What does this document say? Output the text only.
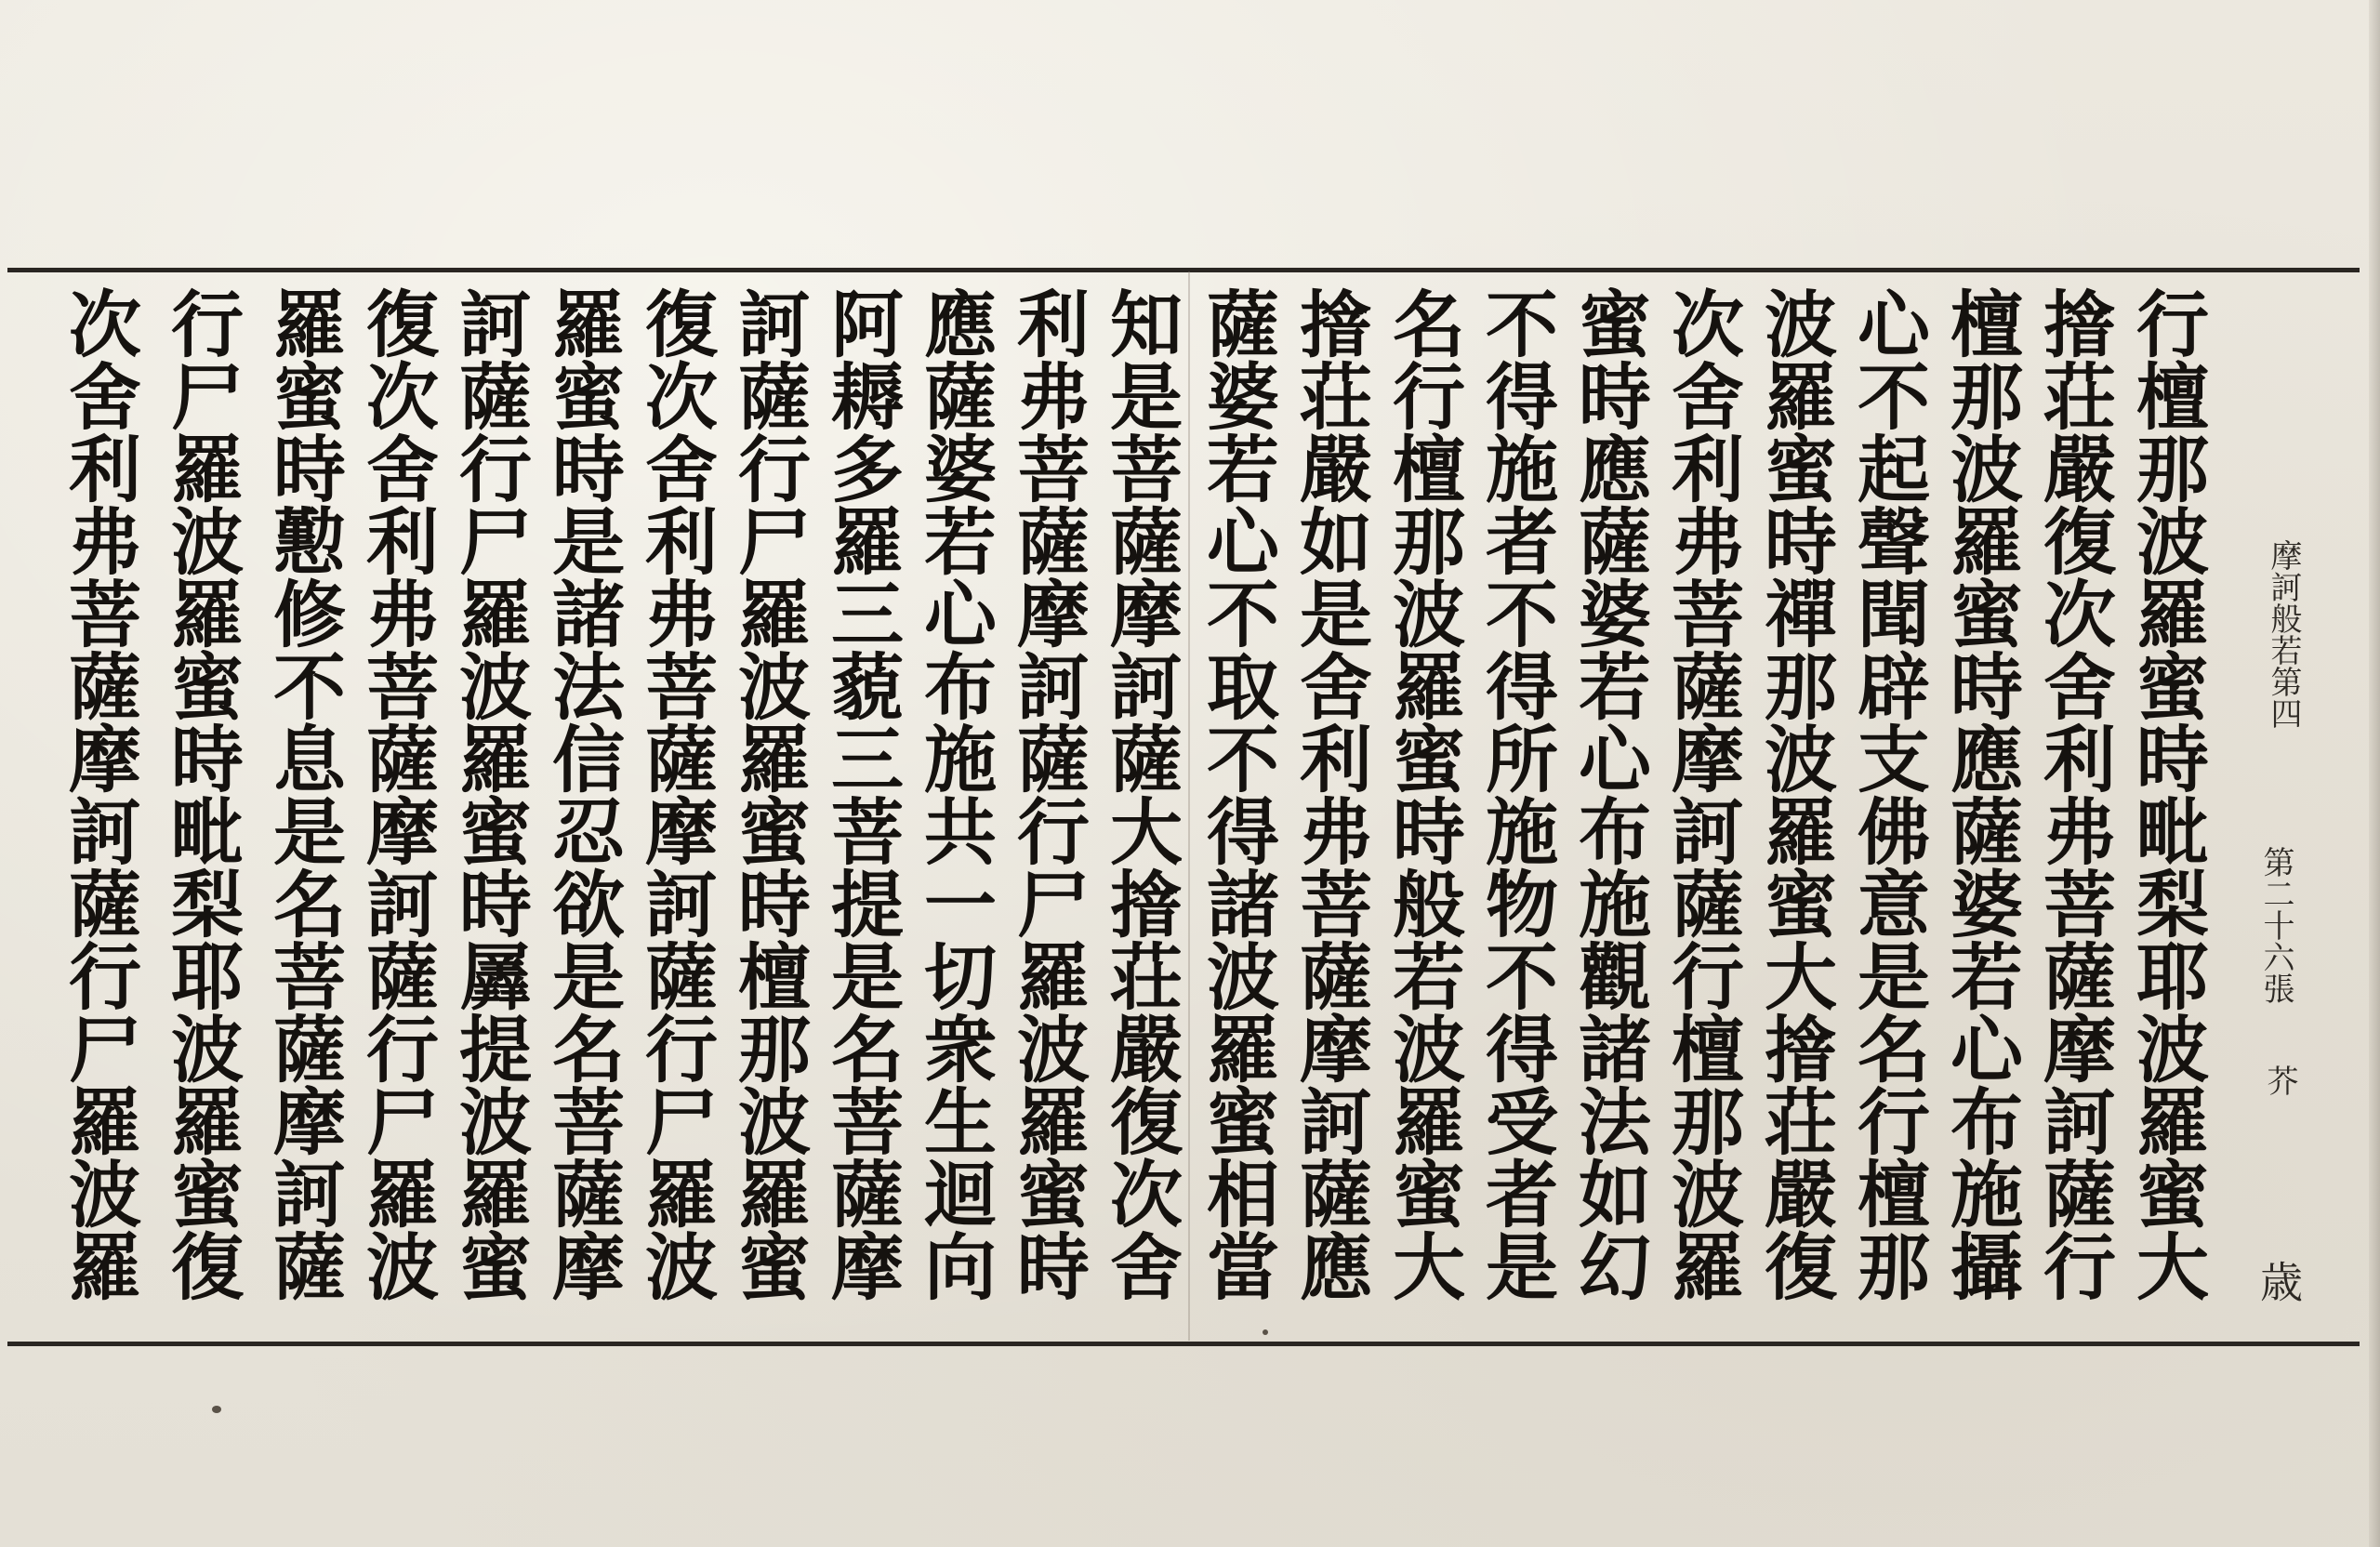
摩訶般若第四
第二十六張
芥
歳
行檀那波羅蜜時毗梨耶波羅蜜大
摿荘嚴復次舍利弗菩薩摩訶薩行
檀那波羅蜜時應薩婆若心布施攝
心不起聲聞辟支佛意是名行檀那
波羅蜜時禪那波羅蜜大摿荘嚴復
次舍利弗菩薩摩訶薩行檀那波羅
蜜時應薩婆若心布施觀諸法如幻
不得施者不得所施物不得受者是
名行檀那波羅蜜時般若波羅蜜大
摿荘嚴如是舍利弗菩薩摩訶薩應
薩婆若心不取不得諸波羅蜜相當
知是菩薩摩訶薩大摿荘嚴復次舍
利弗菩薩摩訶薩行尸羅波羅蜜時
應薩婆若心布施共一切衆生迴向
阿耨多羅三藐三菩提是名菩薩摩
訶薩行尸羅波羅蜜時檀那波羅蜜
復次舍利弗菩薩摩訶薩行尸羅波
羅蜜時是諸法信忍欲是名菩薩摩
訶薩行尸羅波羅蜜時羼提波羅蜜
復次舍利弗菩薩摩訶薩行尸羅波
羅蜜時懃修不息是名菩薩摩訶薩
行尸羅波羅蜜時毗梨耶波羅蜜復
次舍利弗菩薩摩訶薩行尸羅波羅
